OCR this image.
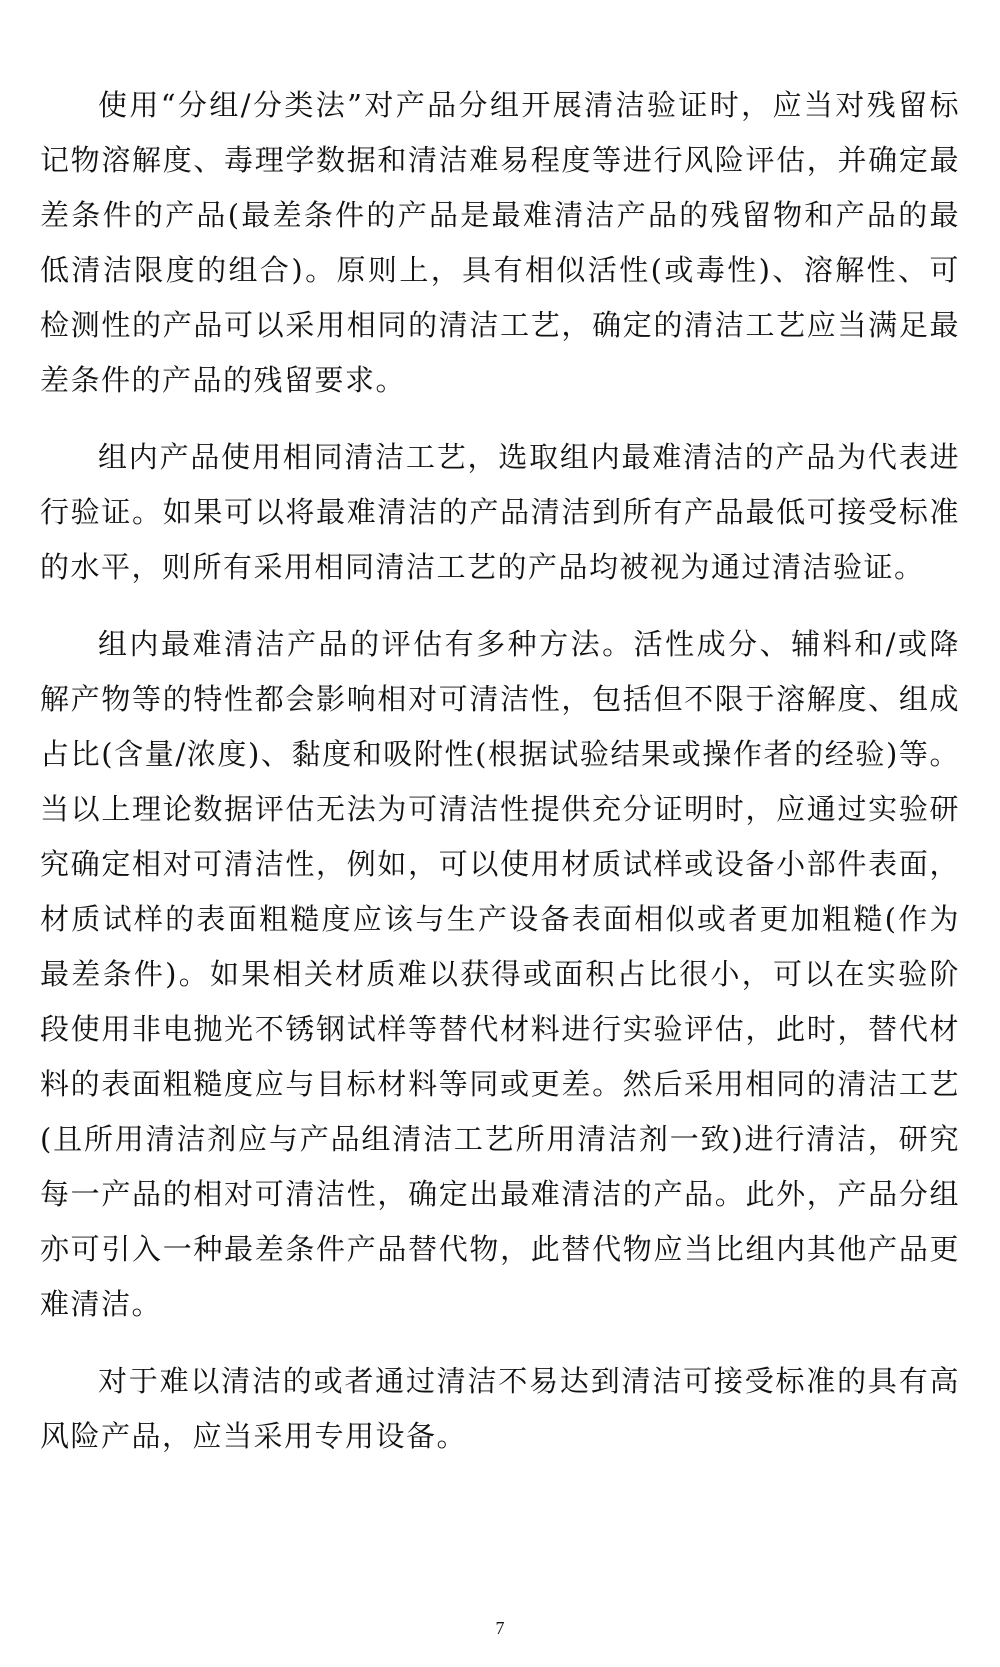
使用“分组/分类法”对产品分组开展清洁验证时，应当对残留标记物溶解度、毒理学数据和清洁难易程度等进行风险评估，并确定最差条件的产品(最差条件的产品是最难清洁产品的残留物和产品的最低清洁限度的组合)。原则上，具有相似活性(或毒性)、溶解性、可检测性的产品可以采用相同的清洁工艺，确定的清洁工艺应当满足最差条件的产品的残留要求。

组内产品使用相同清洁工艺，选取组内最难清洁的产品为代表进行验证。如果可以将最难清洁的产品清洁到所有产品最低可接受标准的水平，则所有采用相同清洁工艺的产品均被视为通过清洁验证。

组内最难清洁产品的评估有多种方法。活性成分、辅料和/或降解产物等的特性都会影响相对可清洁性，包括但不限于溶解度、组成占比(含量/浓度)、黏度和吸附性(根据试验结果或操作者的经验)等。当以上理论数据评估无法为可清洁性提供充分证明时，应通过实验研究确定相对可清洁性，例如，可以使用材质试样或设备小部件表面，材质试样的表面粗糙度应该与生产设备表面相似或者更加粗糙(作为最差条件)。如果相关材质难以获得或面积占比很小，可以在实验阶段使用非电抛光不锈钢试样等替代材料进行实验评估，此时，替代材料的表面粗糙度应与目标材料等同或更差。然后采用相同的清洁工艺(且所用清洁剂应与产品组清洁工艺所用清洁剂一致)进行清洁，研究每一产品的相对可清洁性，确定出最难清洁的产品。此外，产品分组亦可引入一种最差条件产品替代物，此替代物应当比组内其他产品更难清洁。

对于难以清洁的或者通过清洁不易达到清洁可接受标准的具有高风险产品，应当采用专用设备。

7
